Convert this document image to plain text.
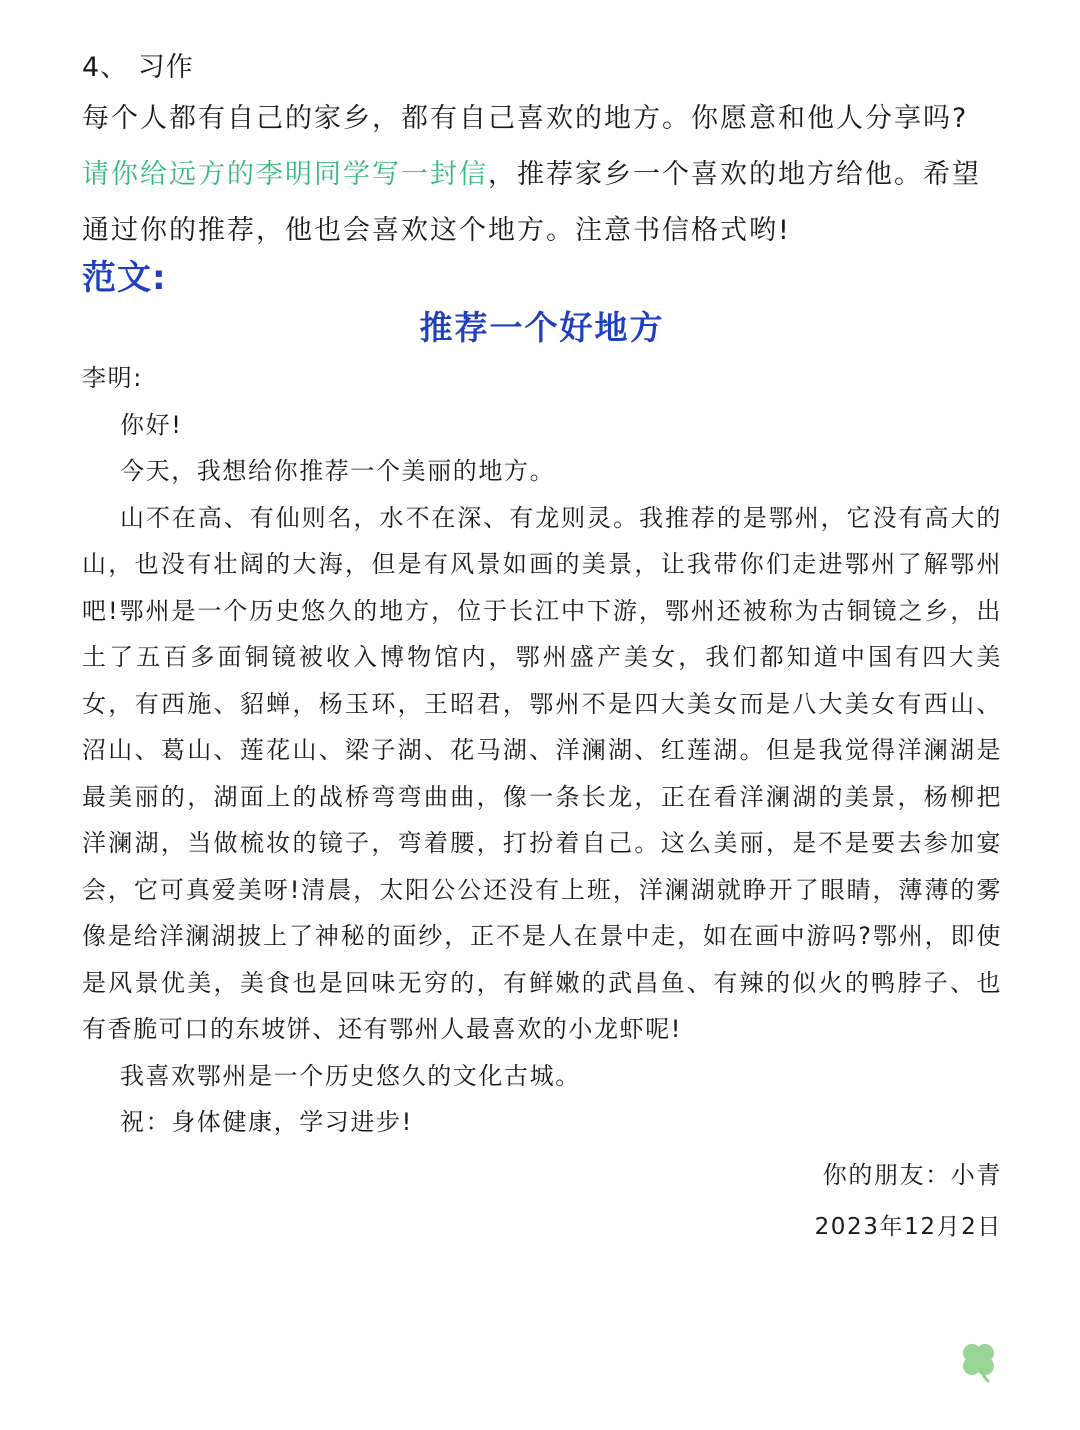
4、 习作
每个人都有自己的家乡，都有自己喜欢的地方。你愿意和他人分享吗? 请你给远方的李明同学写一封信，推荐家乡一个喜欢的地方给他。希望通过你的推荐，他也会喜欢这个地方。注意书信格式哟!
范文:
推荐一个好地方

李明:

你好!

今天，我想给你推荐一个美丽的地方。

山不在高、有仙则名，水不在深、有龙则灵。我推荐的是鄂州，它没有高大的山，也没有壮阔的大海，但是有风景如画的美景，让我带你们走进鄂州了解鄂州吧!鄂州是一个历史悠久的地方，位于长江中下游，鄂州还被称为古铜镜之乡，出土了五百多面铜镜被收入博物馆内，鄂州盛产美女，我们都知道中国有四大美女，有西施、貂蝉，杨玉环，王昭君，鄂州不是四大美女而是八大美女有西山、沼山、葛山、莲花山、梁子湖、花马湖、洋澜湖、红莲湖。但是我觉得洋澜湖是最美丽的，湖面上的战桥弯弯曲曲，像一条长龙，正在看洋澜湖的美景，杨柳把洋澜湖，当做梳妆的镜子，弯着腰，打扮着自己。这么美丽，是不是要去参加宴会，它可真爱美呀!清晨，太阳公公还没有上班，洋澜湖就睁开了眼睛，薄薄的雾像是给洋澜湖披上了神秘的面纱，正不是人在景中走，如在画中游吗?鄂州，即使是风景优美，美食也是回味无穷的，有鲜嫩的武昌鱼、有辣的似火的鸭脖子、也有香脆可口的东坡饼、还有鄂州人最喜欢的小龙虾呢!

我喜欢鄂州是一个历史悠久的文化古城。

祝：身体健康，学习进步!

你的朋友：小青

2023年12月2日
